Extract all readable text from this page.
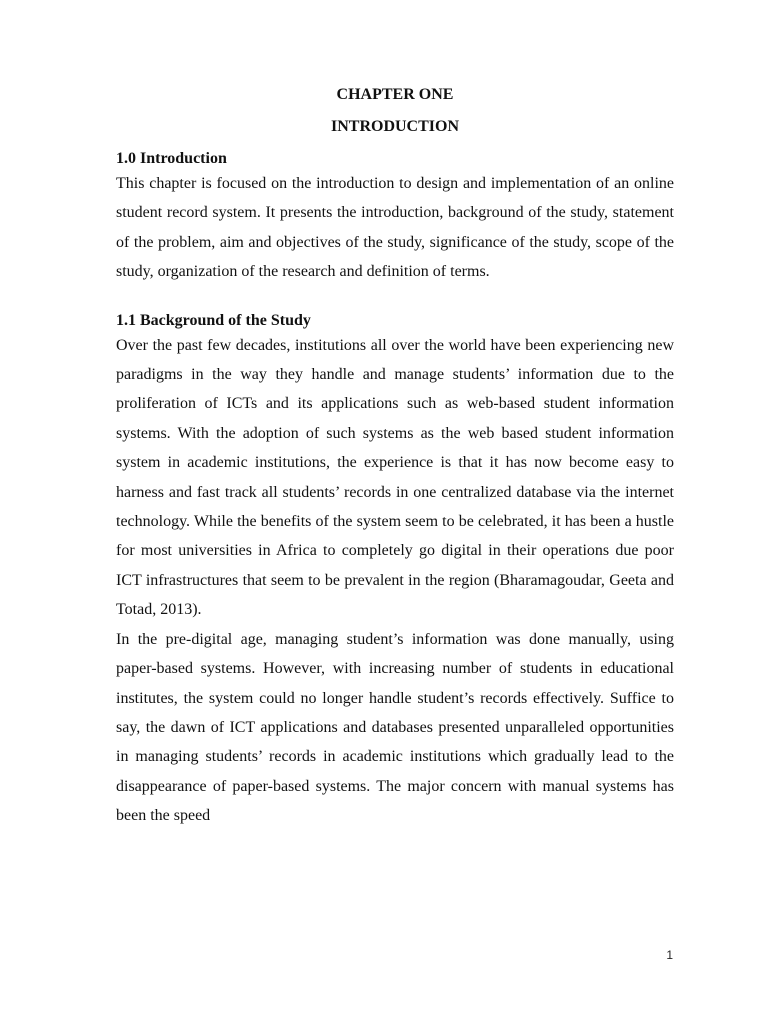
CHAPTER ONE
INTRODUCTION
1.0 Introduction

This chapter is focused on the introduction to design and implementation of an online student record system. It presents the introduction, background of the study, statement of the problem, aim and objectives of the study, significance of the study, scope of the study, organization of the research and definition of terms.

1.1 Background of the Study

Over the past few decades, institutions all over the world have been experiencing new paradigms in the way they handle and manage students’ information due to the proliferation of ICTs and its applications such as web-based student information systems. With the adoption of such systems as the web based student information system in academic institutions, the experience is that it has now become easy to harness and fast track all students’ records in one centralized database via the internet technology. While the benefits of the system seem to be celebrated, it has been a hustle for most universities in Africa to completely go digital in their operations due poor ICT infrastructures that seem to be prevalent in the region (Bharamagoudar, Geeta and Totad, 2013).

In the pre-digital age, managing student’s information was done manually, using paper-based systems. However, with increasing number of students in educational institutes, the system could no longer handle student’s records effectively. Suffice to say, the dawn of ICT applications and databases presented unparalleled opportunities in managing students’ records in academic institutions which gradually lead to the disappearance of paper-based systems. The major concern with manual systems has been the speed

1
